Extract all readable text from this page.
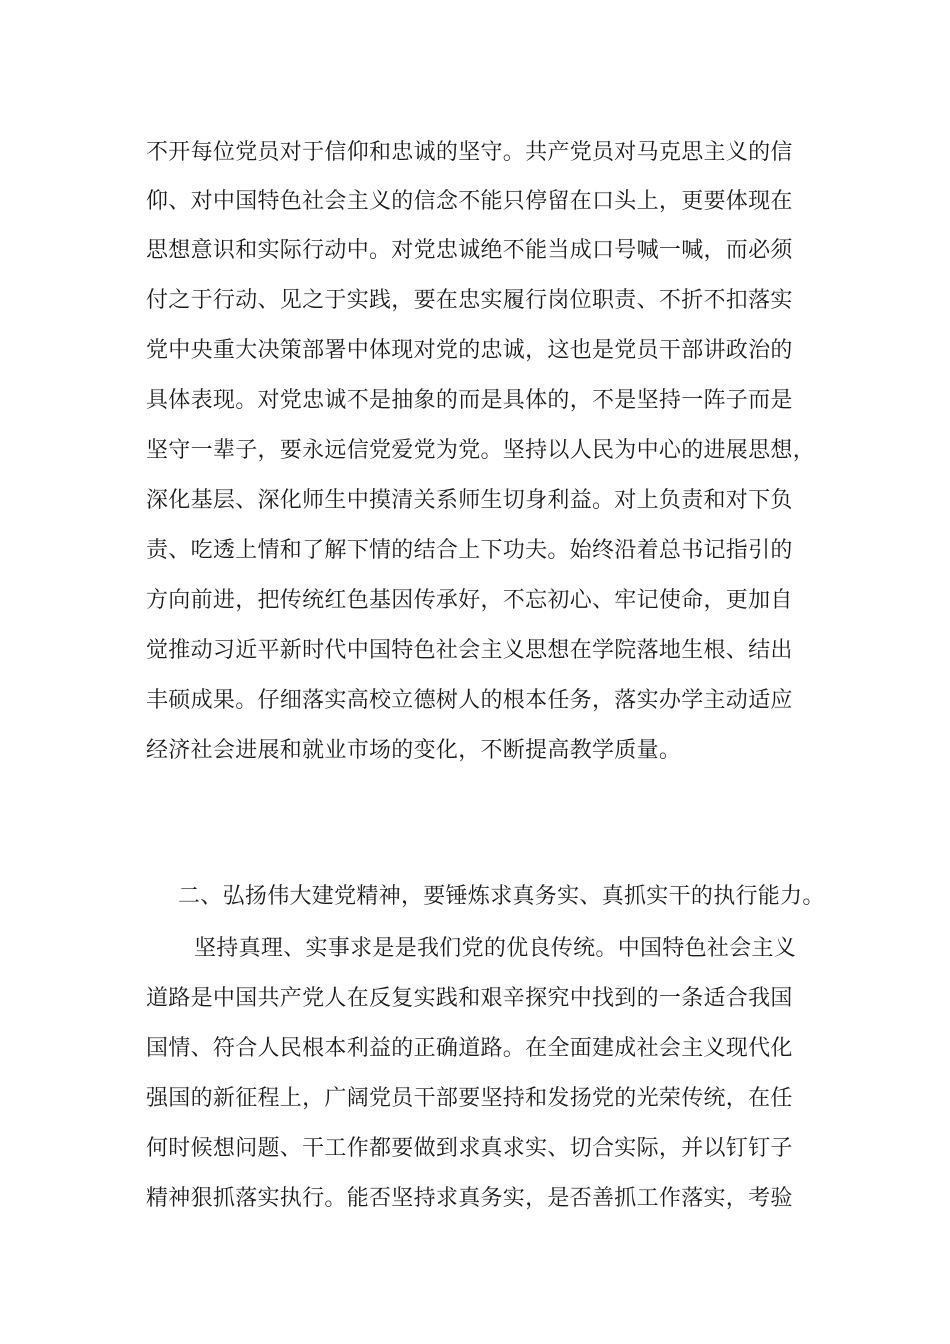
不开每位党员对于信仰和忠诚的坚守。共产党员对马克思主义的信
仰、对中国特色社会主义的信念不能只停留在口头上，更要体现在
思想意识和实际行动中。对党忠诚绝不能当成口号喊一喊，而必须
付之于行动、见之于实践，要在忠实履行岗位职责、不折不扣落实
党中央重大决策部署中体现对党的忠诚，这也是党员干部讲政治的
具体表现。对党忠诚不是抽象的而是具体的，不是坚持一阵子而是
坚守一辈子，要永远信党爱党为党。坚持以人民为中心的进展思想，
深化基层、深化师生中摸清关系师生切身利益。对上负责和对下负
责、吃透上情和了解下情的结合上下功夫。始终沿着总书记指引的
方向前进，把传统红色基因传承好，不忘初心、牢记使命，更加自
觉推动习近平新时代中国特色社会主义思想在学院落地生根、结出
丰硕成果。仔细落实高校立德树人的根本任务，落实办学主动适应
经济社会进展和就业市场的变化，不断提高教学质量。
二、弘扬伟大建党精神，要锤炼求真务实、真抓实干的执行能力。
坚持真理、实事求是是我们党的优良传统。中国特色社会主义
道路是中国共产党人在反复实践和艰辛探究中找到的一条适合我国
国情、符合人民根本利益的正确道路。在全面建成社会主义现代化
强国的新征程上，广阔党员干部要坚持和发扬党的光荣传统，在任
何时候想问题、干工作都要做到求真求实、切合实际，并以钉钉子
精神狠抓落实执行。能否坚持求真务实，是否善抓工作落实，考验
